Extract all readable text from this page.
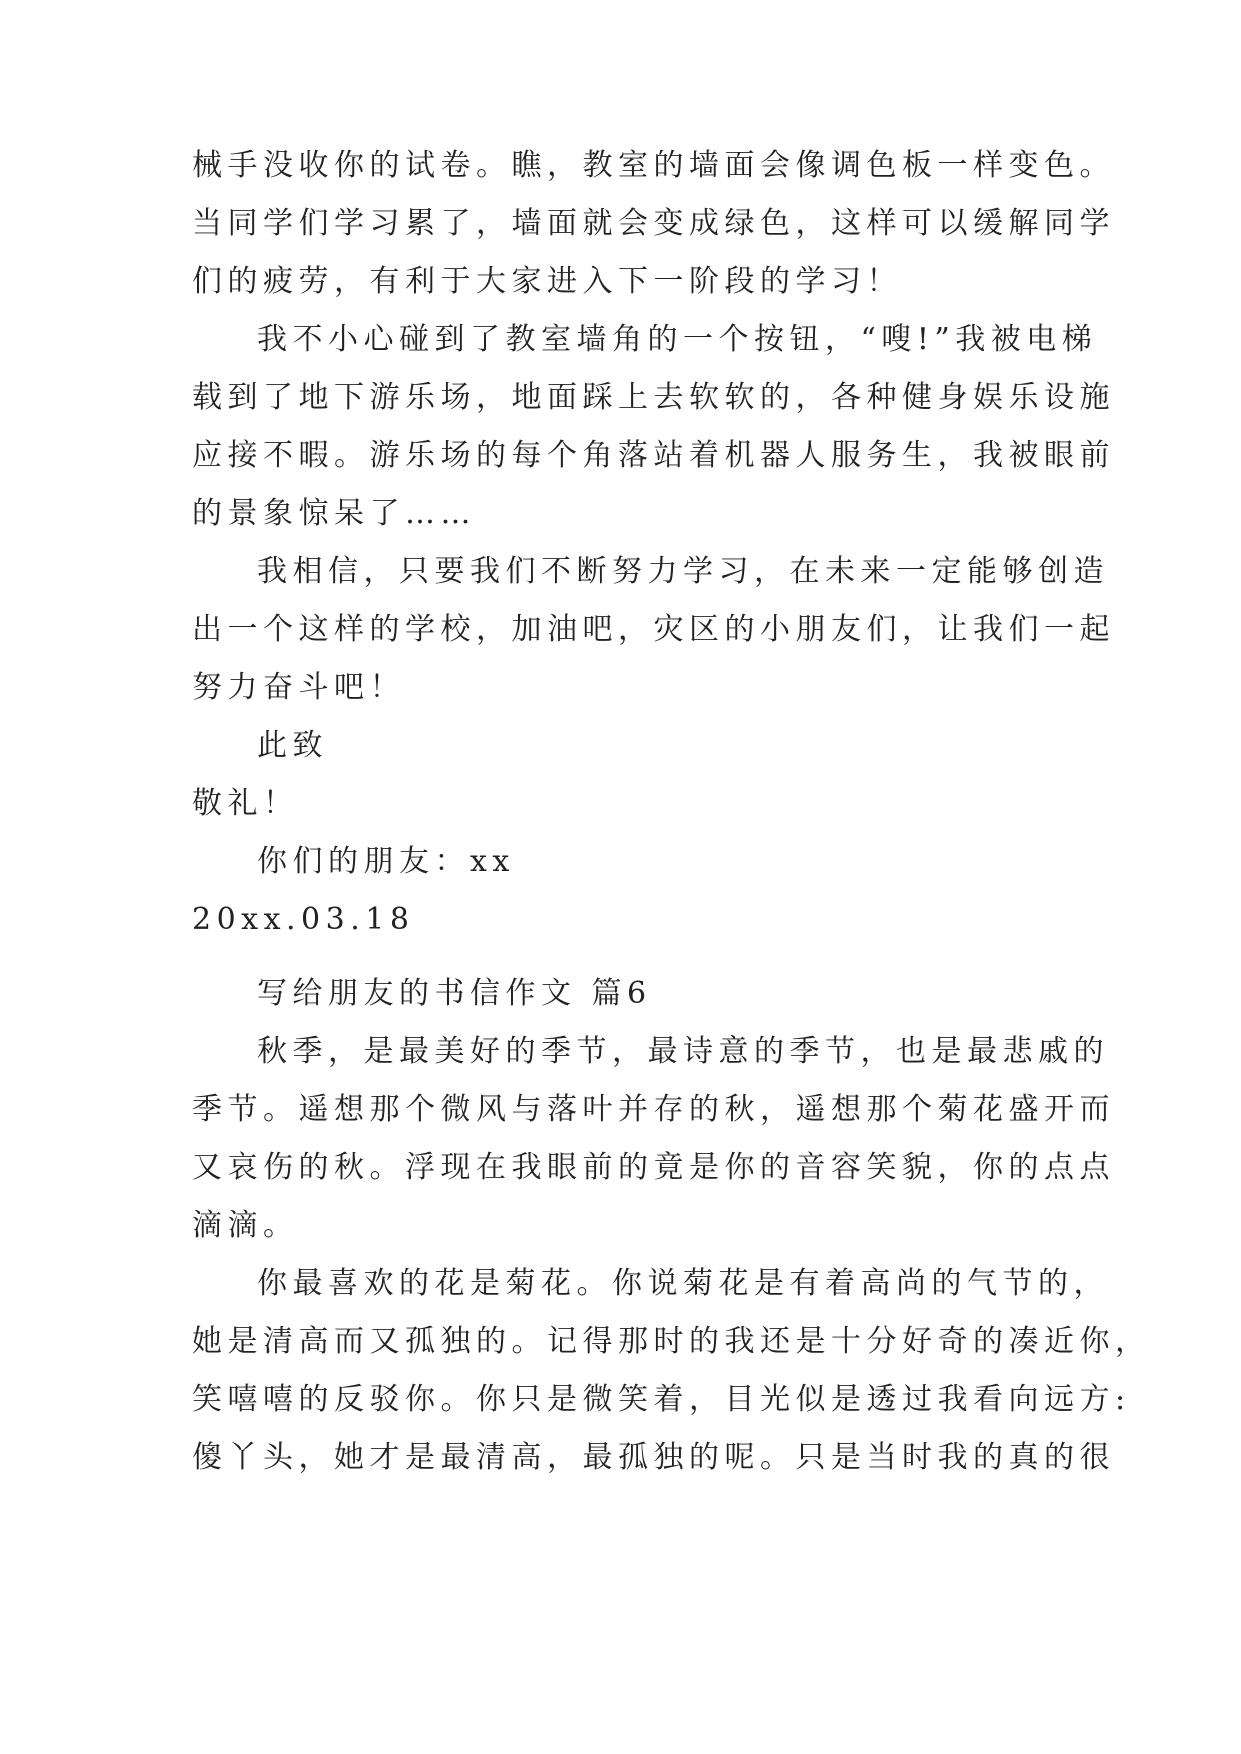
械手没收你的试卷。瞧，教室的墙面会像调色板一样变色。
当同学们学习累了，墙面就会变成绿色，这样可以缓解同学
们的疲劳，有利于大家进入下一阶段的学习！
我不小心碰到了教室墙角的一个按钮，“嗖!”我被电梯
载到了地下游乐场，地面踩上去软软的，各种健身娱乐设施
应接不暇。游乐场的每个角落站着机器人服务生，我被眼前
的景象惊呆了……
我相信，只要我们不断努力学习，在未来一定能够创造
出一个这样的学校，加油吧，灾区的小朋友们，让我们一起
努力奋斗吧！
此致
敬礼！
你们的朋友：xx
20xx.03.18
写给朋友的书信作文 篇6
秋季，是最美好的季节，最诗意的季节，也是最悲戚的
季节。遥想那个微风与落叶并存的秋，遥想那个菊花盛开而
又哀伤的秋。浮现在我眼前的竟是你的音容笑貌，你的点点
滴滴。
你最喜欢的花是菊花。你说菊花是有着高尚的气节的，
她是清高而又孤独的。记得那时的我还是十分好奇的凑近你，
笑嘻嘻的反驳你。你只是微笑着，目光似是透过我看向远方:
傻丫头，她才是最清高，最孤独的呢。只是当时我的真的很
